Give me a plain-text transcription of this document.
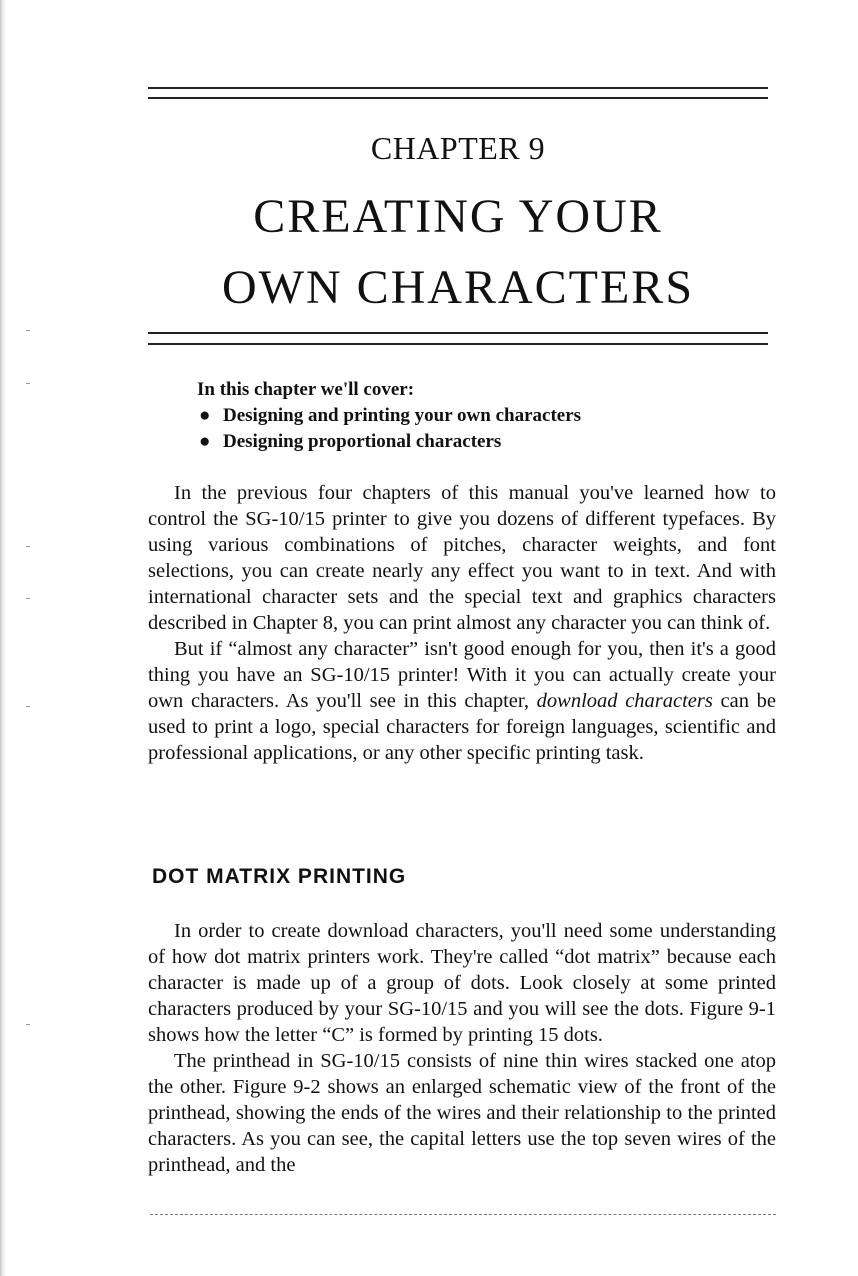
CHAPTER 9
CREATING YOUR
OWN CHARACTERS
In this chapter we'll cover:
● Designing and printing your own characters
● Designing proportional characters

In the previous four chapters of this manual you've learned how to control the SG-10/15 printer to give you dozens of different typefaces. By using various combinations of pitches, character weights, and font selections, you can create nearly any effect you want to in text. And with international character sets and the special text and graphics characters described in Chapter 8, you can print almost any character you can think of.

But if “almost any character” isn't good enough for you, then it's a good thing you have an SG-10/15 printer! With it you can actually create your own characters. As you'll see in this chapter, download characters can be used to print a logo, special characters for foreign languages, scientific and professional applications, or any other specific printing task.

DOT MATRIX PRINTING

In order to create download characters, you'll need some understanding of how dot matrix printers work. They're called “dot matrix” because each character is made up of a group of dots. Look closely at some printed characters produced by your SG-10/15 and you will see the dots. Figure 9-1 shows how the letter “C” is formed by printing 15 dots.

The printhead in SG-10/15 consists of nine thin wires stacked one atop the other. Figure 9-2 shows an enlarged schematic view of the front of the printhead, showing the ends of the wires and their relationship to the printed characters. As you can see, the capital letters use the top seven wires of the printhead, and the
